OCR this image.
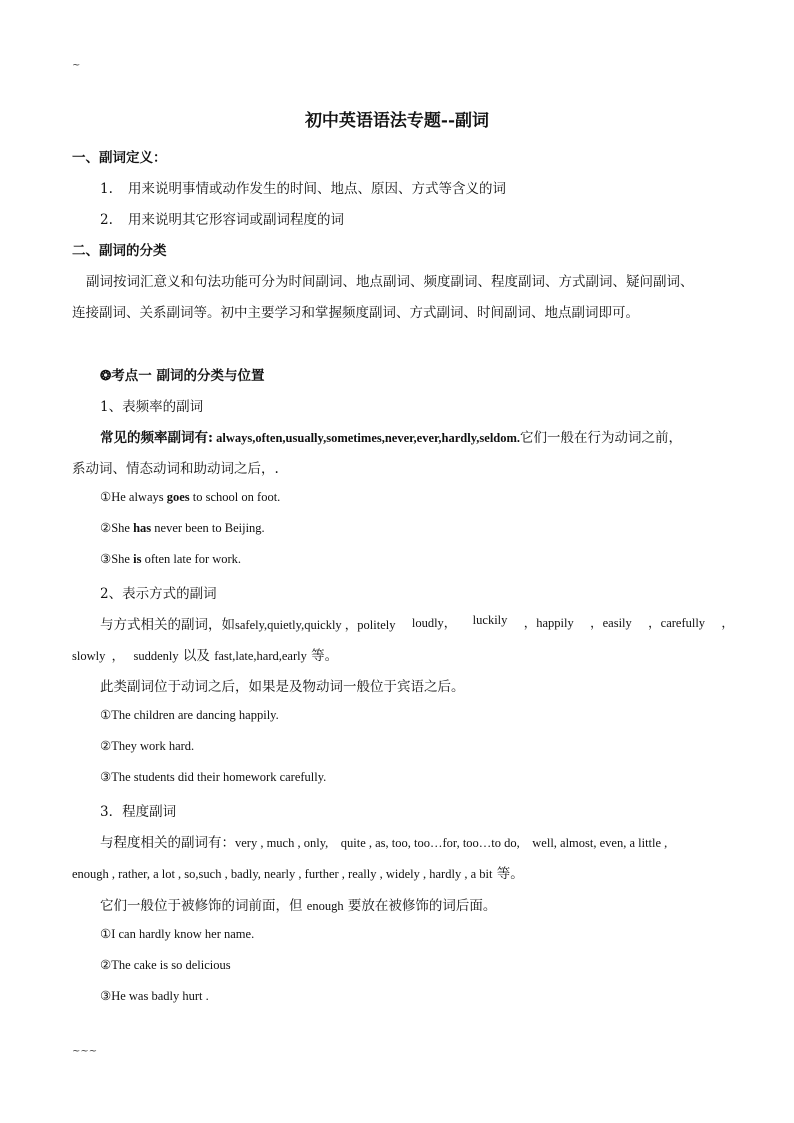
~
初中英语语法专题--副词
一、副词定义：
1. 用来说明事情或动作发生的时间、地点、原因、方式等含义的词
2. 用来说明其它形容词或副词程度的词
二、副词的分类
副词按词汇意义和句法功能可分为时间副词、地点副词、频度副词、程度副词、方式副词、疑问副词、
连接副词、关系副词等。初中主要学习和掌握频度副词、方式副词、时间副词、地点副词即可。
❂考点一 副词的分类与位置
1、表频率的副词
常见的频率副词有: always,often,usually,sometimes,never,ever,hardly,seldom.它们一般在行为动词之前，
系动词、情态动词和助动词之后，.
①He always goes to school on foot.
②She has never been to Beijing.
③She is often late for work.
2、表示方式的副词
与方式相关的副词，如safely,quietly,quickly ，politely loudly， luckily ，happily ，easily ，carefully ，
slowly  ，   suddenly 以及 fast,late,hard,early 等。
此类副词位于动词之后，如果是及物动词一般位于宾语之后。
①The children are dancing happily.
②They work hard.
③The students did their homework carefully.
3．程度副词
与程度相关的副词有：very , much , only,    quite , as, too, too…for, too…to do,    well, almost, even, a little ,
enough , rather, a lot , so,such , badly, nearly , further , really , widely , hardly , a bit 等。
它们一般位于被修饰的词前面，但 enough 要放在被修饰的词后面。
①I can hardly know her name.
②The cake is so delicious
③He was badly hurt .
~~~
